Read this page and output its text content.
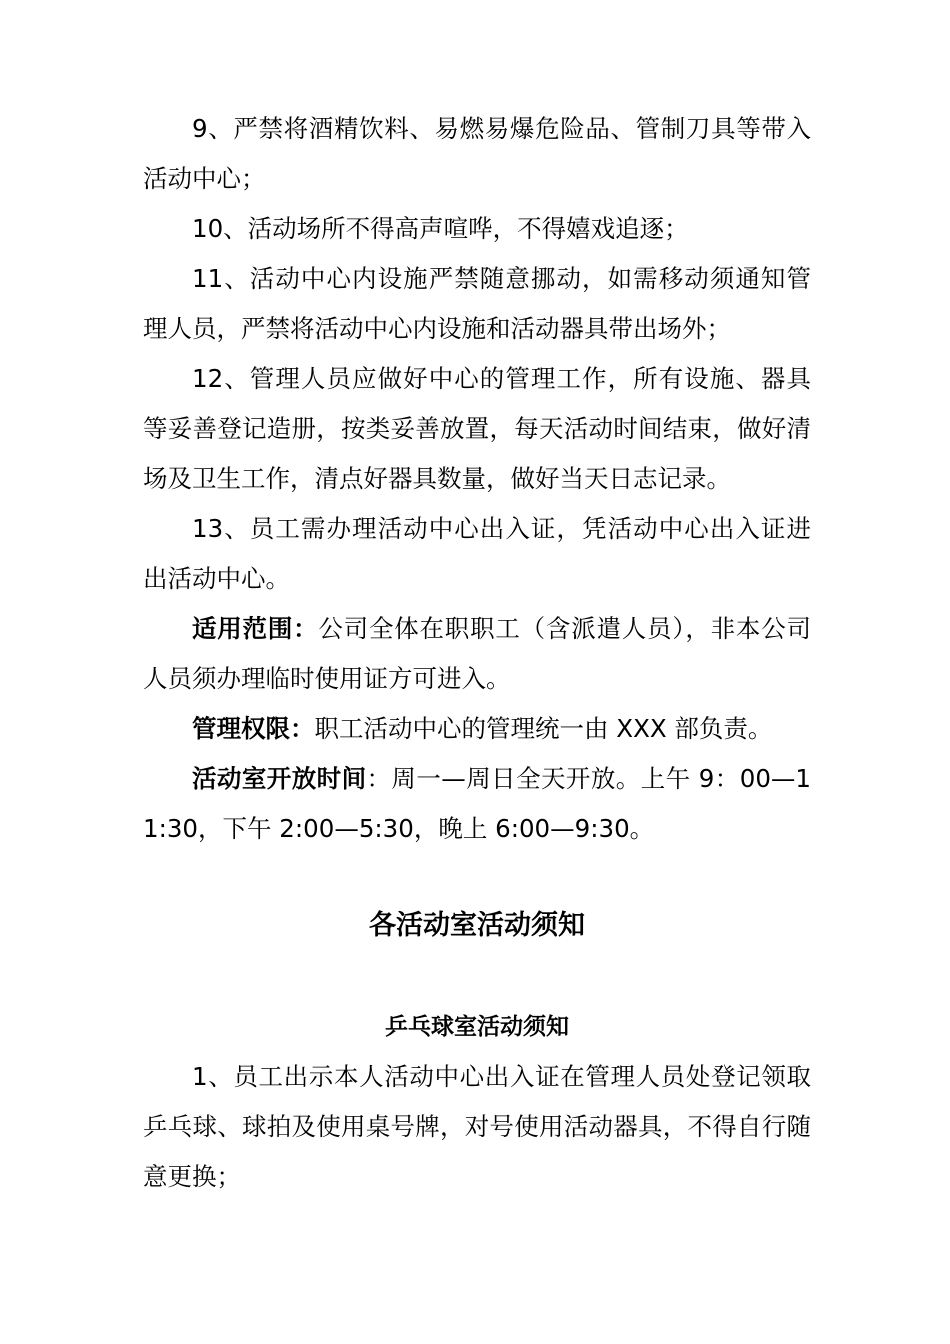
9、严禁将酒精饮料、易燃易爆危险品、管制刀具等带入活动中心；

10、活动场所不得高声喧哗，不得嬉戏追逐；

11、活动中心内设施严禁随意挪动，如需移动须通知管理人员，严禁将活动中心内设施和活动器具带出场外；

12、管理人员应做好中心的管理工作，所有设施、器具等妥善登记造册，按类妥善放置，每天活动时间结束，做好清场及卫生工作，清点好器具数量，做好当天日志记录。

13、员工需办理活动中心出入证，凭活动中心出入证进出活动中心。

适用范围：公司全体在职职工（含派遣人员），非本公司人员须办理临时使用证方可进入。

管理权限：职工活动中心的管理统一由 XXX 部负责。

活动室开放时间：周一—周日全天开放。上午 9：00—11:30，下午 2:00—5:30，晚上 6:00—9:30。

各活动室活动须知
乒乓球室活动须知

1、员工出示本人活动中心出入证在管理人员处登记领取乒乓球、球拍及使用桌号牌，对号使用活动器具，不得自行随意更换；
